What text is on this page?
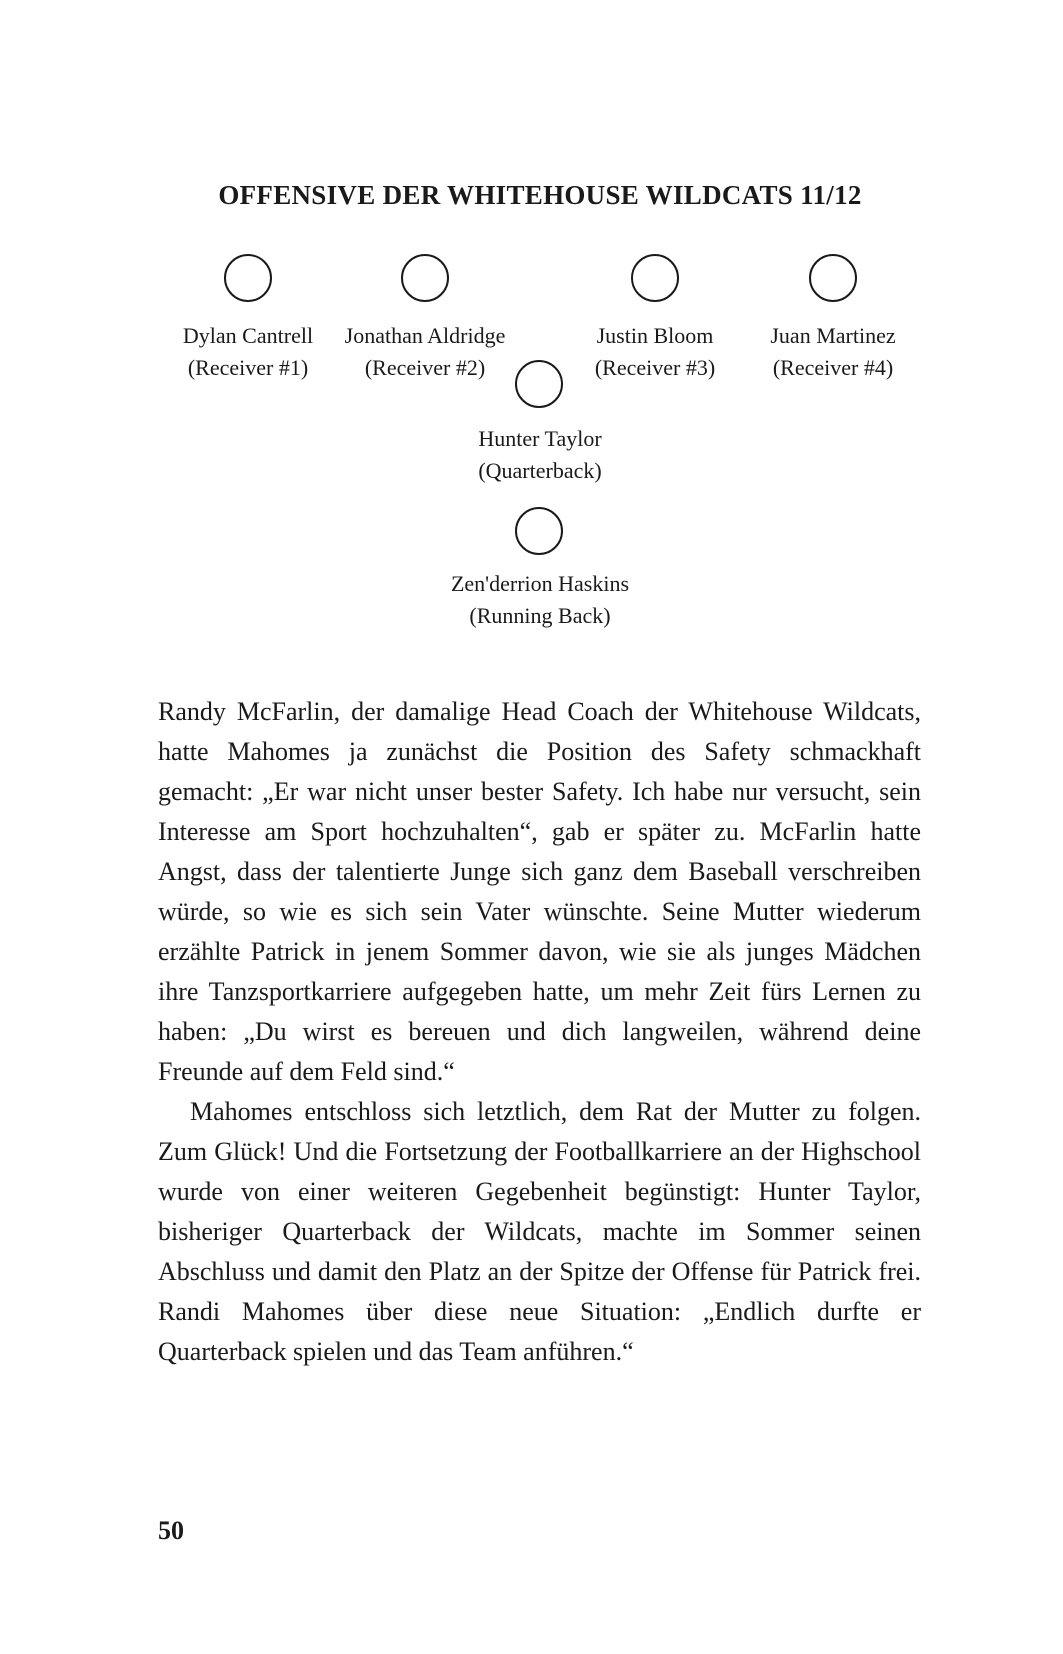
OFFENSIVE DER WHITEHOUSE WILDCATS 11/12
Dylan Cantrell
(Receiver #1)
Jonathan Aldridge
(Receiver #2)
Justin Bloom
(Receiver #3)
Juan Martinez
(Receiver #4)
Hunter Taylor
(Quarterback)
Zen'derrion Haskins
(Running Back)

Randy McFarlin, der damalige Head Coach der Whitehouse Wildcats, hatte Mahomes ja zunächst die Position des Safety schmackhaft gemacht: „Er war nicht unser bester Safety. Ich habe nur versucht, sein Interesse am Sport hochzuhalten“, gab er später zu. McFarlin hatte Angst, dass der talentierte Junge sich ganz dem Baseball verschreiben würde, so wie es sich sein Vater wünschte. Seine Mutter wiederum erzählte Patrick in jenem Sommer davon, wie sie als junges Mädchen ihre Tanzsportkarriere aufgegeben hatte, um mehr Zeit fürs Lernen zu haben: „Du wirst es bereuen und dich langweilen, während deine Freunde auf dem Feld sind.“

Mahomes entschloss sich letztlich, dem Rat der Mutter zu folgen. Zum Glück! Und die Fortsetzung der Footballkarriere an der Highschool wurde von einer weiteren Gegebenheit begünstigt: Hunter Taylor, bisheriger Quarterback der Wildcats, machte im Sommer seinen Abschluss und damit den Platz an der Spitze der Offense für Patrick frei. Randi Mahomes über diese neue Situation: „Endlich durfte er Quarterback spielen und das Team anführen.“

50
